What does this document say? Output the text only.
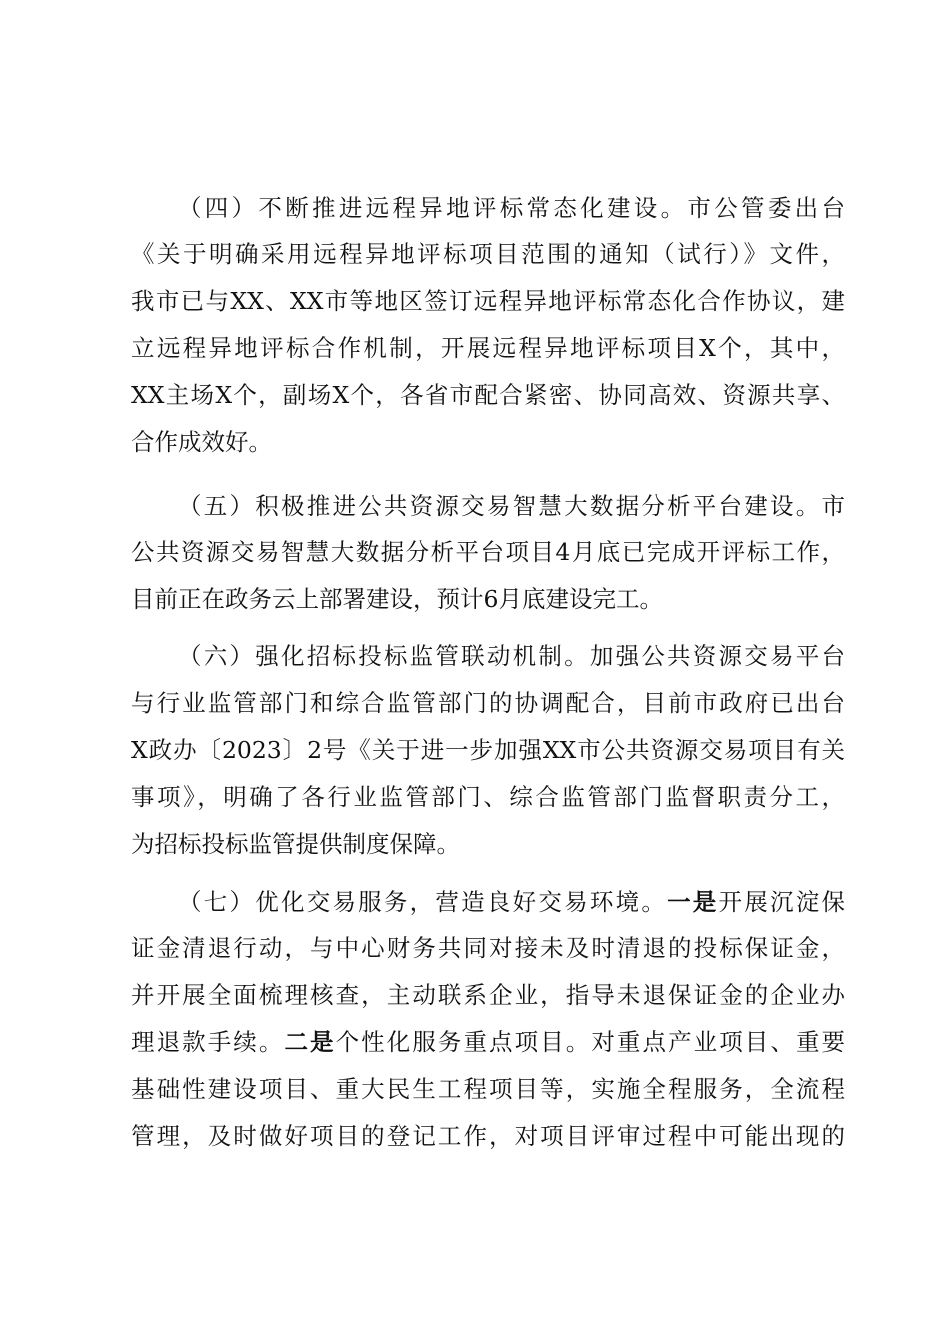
（四）不断推进远程异地评标常态化建设。市公管委出台
《关于明确采用远程异地评标项目范围的通知（试行）》文件，
我市已与XX、XX市等地区签订远程异地评标常态化合作协议，建
立远程异地评标合作机制，开展远程异地评标项目X个，其中，
XX主场X个，副场X个，各省市配合紧密、协同高效、资源共享、
合作成效好。
（五）积极推进公共资源交易智慧大数据分析平台建设。市
公共资源交易智慧大数据分析平台项目4月底已完成开评标工作，
目前正在政务云上部署建设，预计6月底建设完工。
（六）强化招标投标监管联动机制。加强公共资源交易平台
与行业监管部门和综合监管部门的协调配合，目前市政府已出台
X政办〔2023〕2号《关于进一步加强XX市公共资源交易项目有关
事项》，明确了各行业监管部门、综合监管部门监督职责分工，
为招标投标监管提供制度保障。
（七）优化交易服务，营造良好交易环境。一是开展沉淀保
证金清退行动，与中心财务共同对接未及时清退的投标保证金，
并开展全面梳理核查，主动联系企业，指导未退保证金的企业办
理退款手续。二是个性化服务重点项目。对重点产业项目、重要
基础性建设项目、重大民生工程项目等，实施全程服务，全流程
管理，及时做好项目的登记工作，对项目评审过程中可能出现的
